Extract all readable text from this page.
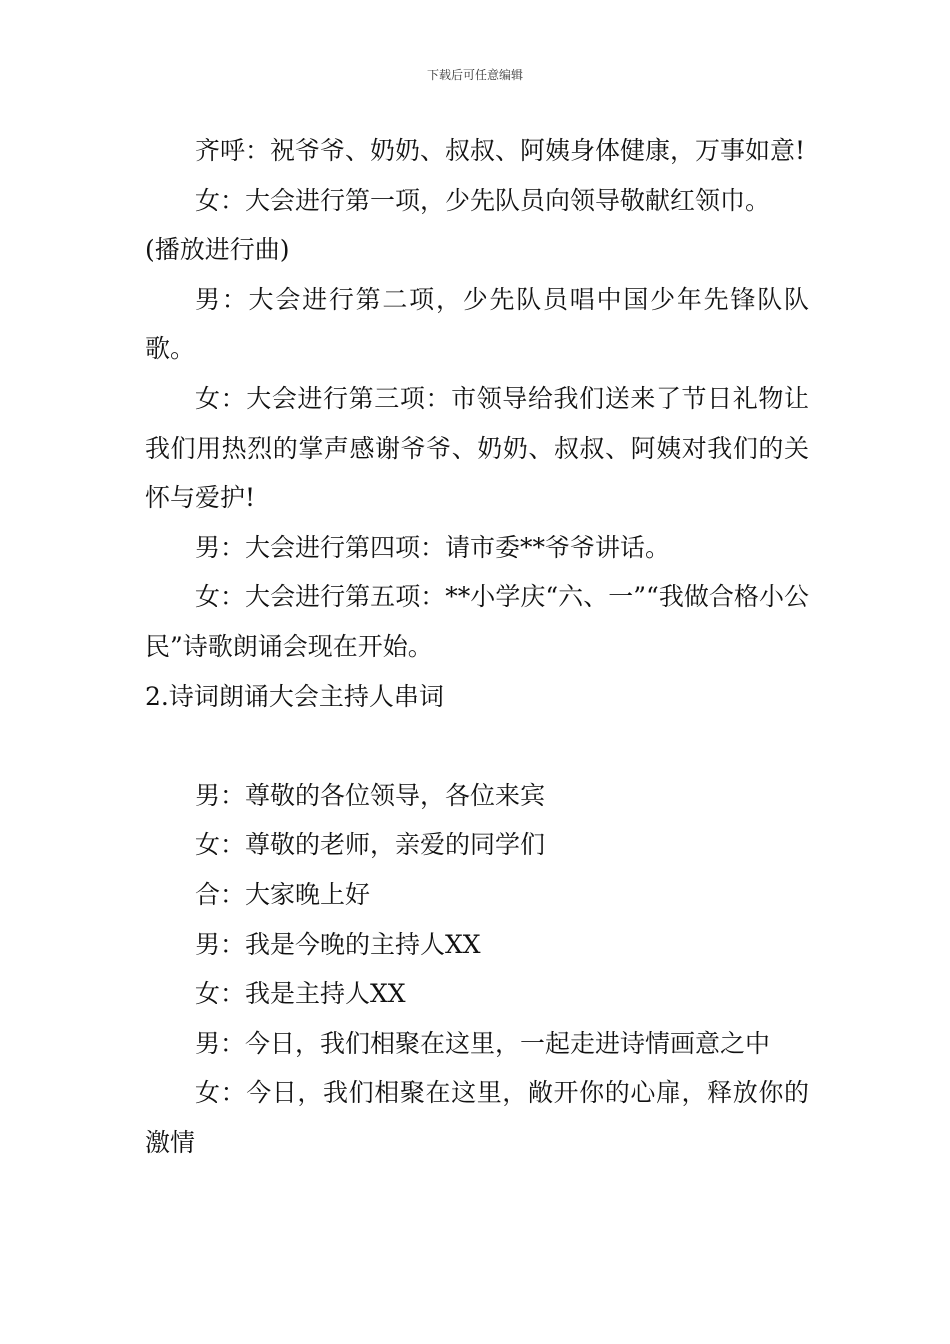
下载后可任意编辑

齐呼：祝爷爷、奶奶、叔叔、阿姨身体健康，万事如意!

女：大会进行第一项，少先队员向领导敬献红领巾。

(播放进行曲)

男：大会进行第二项，少先队员唱中国少年先锋队队歌。

女：大会进行第三项：市领导给我们送来了节日礼物让我们用热烈的掌声感谢爷爷、奶奶、叔叔、阿姨对我们的关怀与爱护!

男：大会进行第四项：请市委**爷爷讲话。

女：大会进行第五项：**小学庆“六、一”“我做合格小公民”诗歌朗诵会现在开始。

2.诗词朗诵大会主持人串词

男：尊敬的各位领导，各位来宾

女：尊敬的老师，亲爱的同学们

合：大家晚上好

男：我是今晚的主持人XX

女：我是主持人XX

男：今日，我们相聚在这里，一起走进诗情画意之中

女：今日，我们相聚在这里，敞开你的心扉，释放你的激情
